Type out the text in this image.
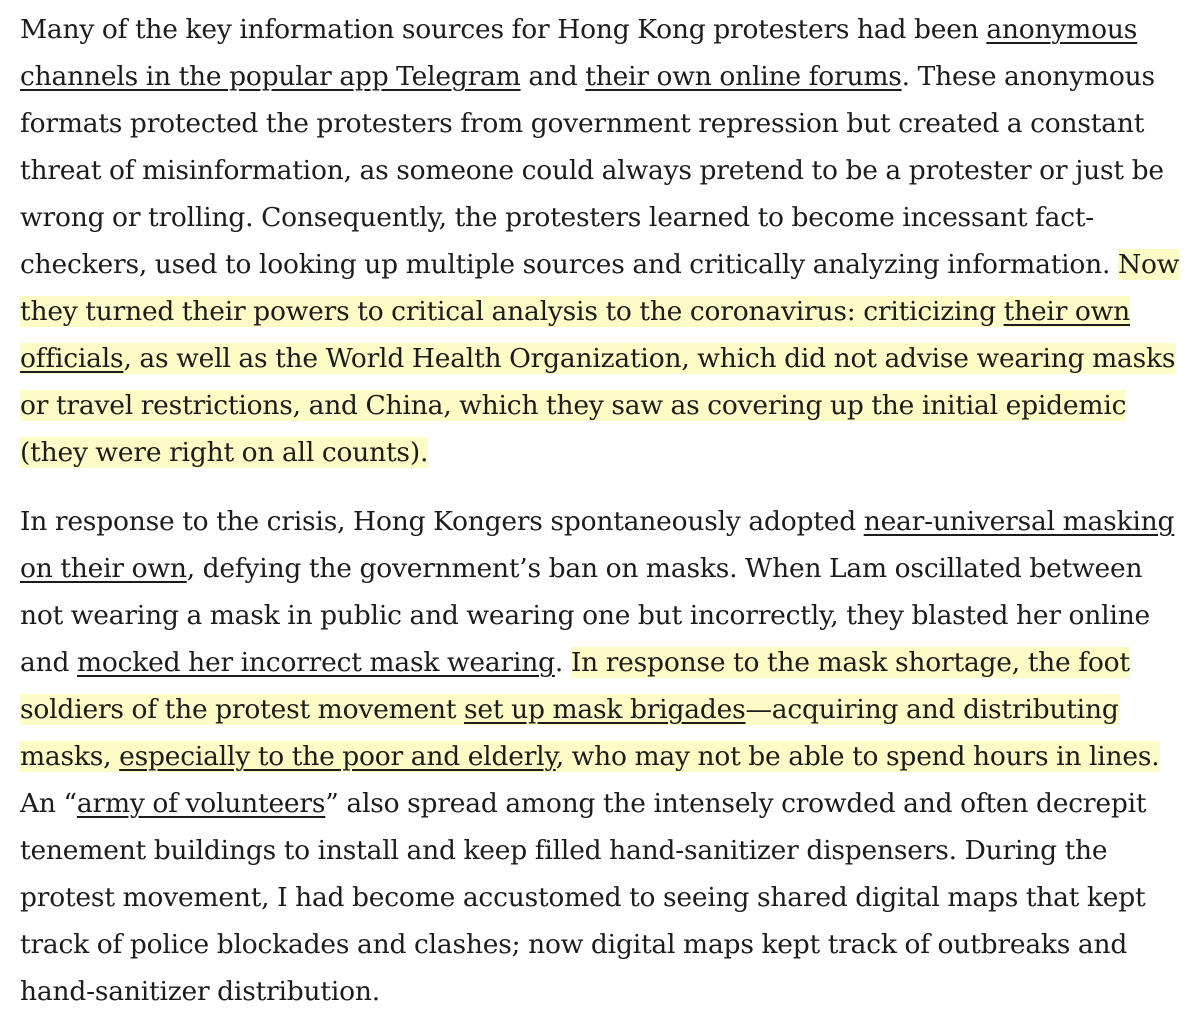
Many of the key information sources for Hong Kong protesters had been anonymous channels in the popular app Telegram and their own online forums. These anonymous formats protected the protesters from government repression but created a constant threat of misinformation, as someone could always pretend to be a protester or just be wrong or trolling. Consequently, the protesters learned to become incessant fact-checkers, used to looking up multiple sources and critically analyzing information. Now they turned their powers to critical analysis to the coronavirus: criticizing their own officials, as well as the World Health Organization, which did not advise wearing masks or travel restrictions, and China, which they saw as covering up the initial epidemic (they were right on all counts).

In response to the crisis, Hong Kongers spontaneously adopted near-universal masking on their own, defying the government’s ban on masks. When Lam oscillated between not wearing a mask in public and wearing one but incorrectly, they blasted her online and mocked her incorrect mask wearing. In response to the mask shortage, the foot soldiers of the protest movement set up mask brigades—acquiring and distributing masks, especially to the poor and elderly, who may not be able to spend hours in lines. An “army of volunteers” also spread among the intensely crowded and often decrepit tenement buildings to install and keep filled hand-sanitizer dispensers. During the protest movement, I had become accustomed to seeing shared digital maps that kept track of police blockades and clashes; now digital maps kept track of outbreaks and hand-sanitizer distribution.
